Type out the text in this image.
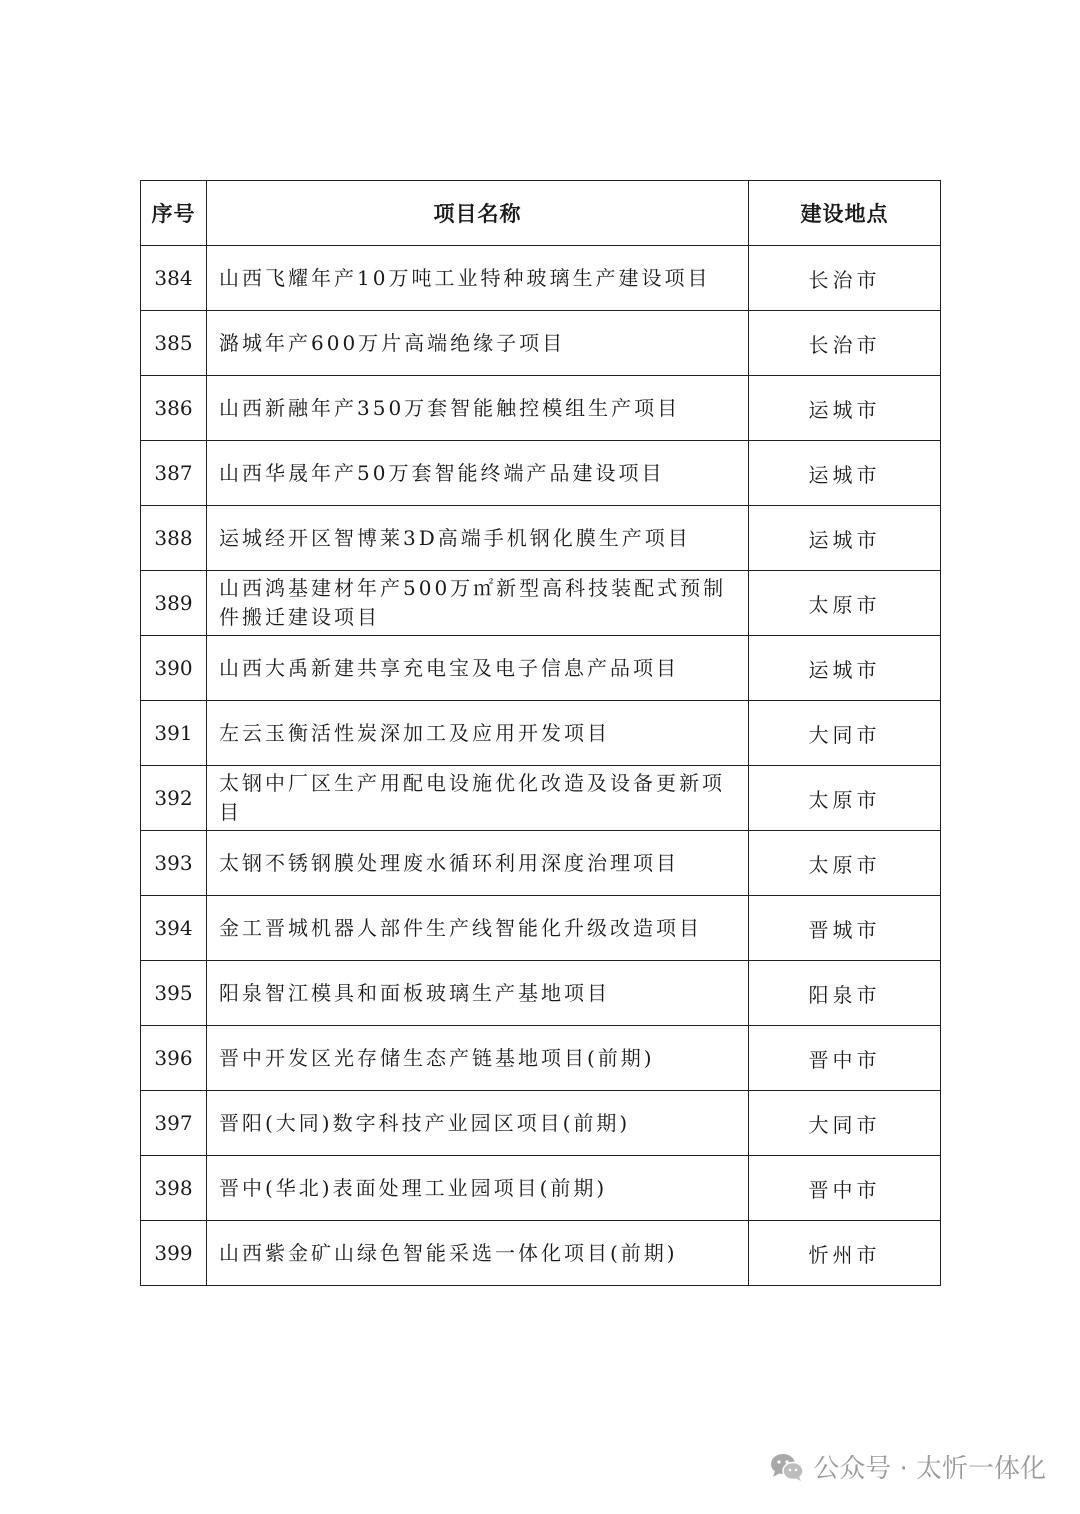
序号	项目名称	建设地点
384	山西飞耀年产10万吨工业特种玻璃生产建设项目	长治市
385	潞城年产600万片高端绝缘子项目	长治市
386	山西新融年产350万套智能触控模组生产项目	运城市
387	山西华晟年产50万套智能终端产品建设项目	运城市
388	运城经开区智博莱3D高端手机钢化膜生产项目	运城市
389	山西鸿基建材年产500万㎡新型高科技装配式预制件搬迁建设项目	太原市
390	山西大禹新建共享充电宝及电子信息产品项目	运城市
391	左云玉衡活性炭深加工及应用开发项目	大同市
392	太钢中厂区生产用配电设施优化改造及设备更新项目	太原市
393	太钢不锈钢膜处理废水循环利用深度治理项目	太原市
394	金工晋城机器人部件生产线智能化升级改造项目	晋城市
395	阳泉智江模具和面板玻璃生产基地项目	阳泉市
396	晋中开发区光存储生态产链基地项目(前期)	晋中市
397	晋阳(大同)数字科技产业园区项目(前期)	大同市
398	晋中(华北)表面处理工业园项目(前期)	晋中市
399	山西紫金矿山绿色智能采选一体化项目(前期)	忻州市
公众号 · 太忻一体化
